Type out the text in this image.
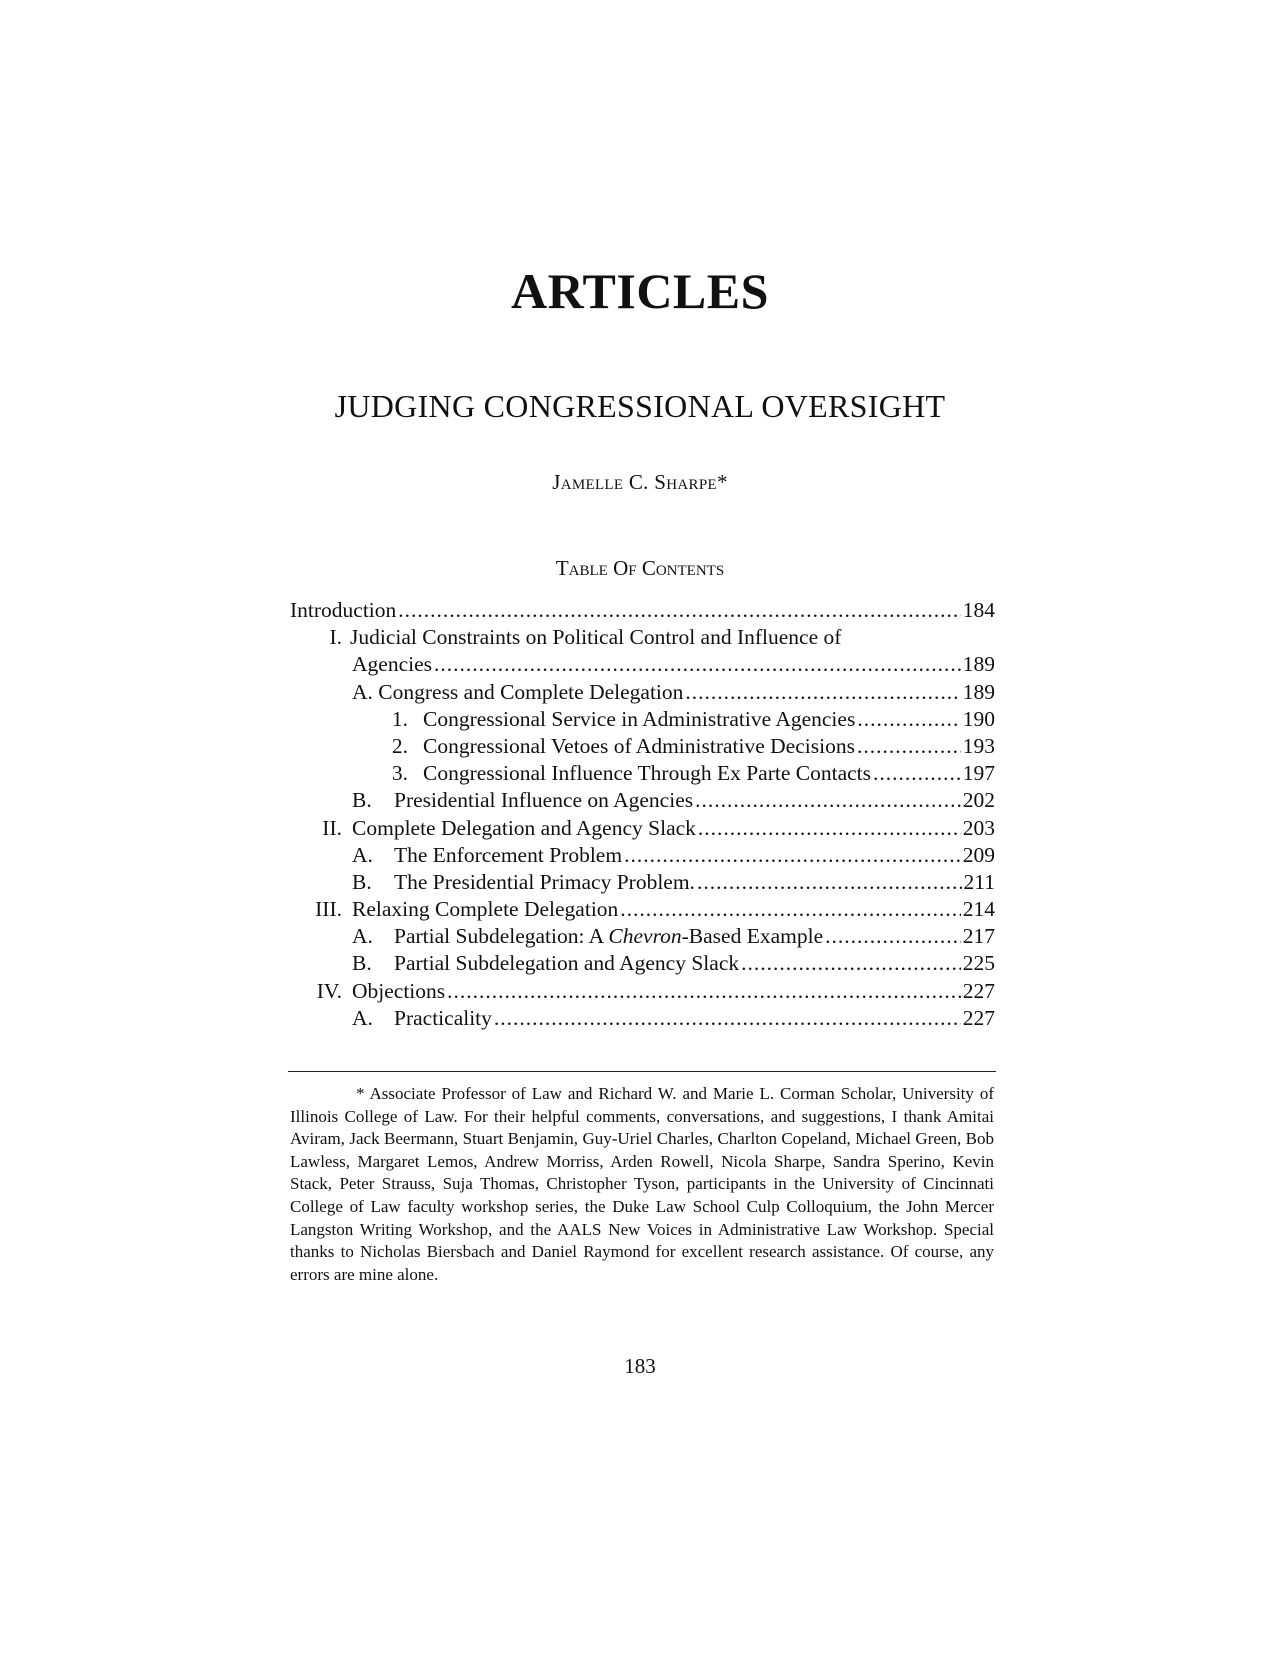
ARTICLES
JUDGING CONGRESSIONAL OVERSIGHT
Jamelle C. Sharpe*
Table Of Contents
Introduction .....	184
I. Judicial Constraints on Political Control and Influence of
Agencies .....	189
A. Congress and Complete Delegation .....	189
1. Congressional Service in Administrative Agencies .....	190
2. Congressional Vetoes of Administrative Decisions .....	193
3. Congressional Influence Through Ex Parte Contacts .....	197
B.	Presidential Influence on Agencies .....	202
II. Complete Delegation and Agency Slack .....	203
A. The Enforcement Problem .....	209
B.	The Presidential Primacy Problem. .....	211
III. Relaxing Complete Delegation .....	214
A. Partial Subdelegation: A Chevron-Based Example .....	217
B.	Partial Subdelegation and Agency Slack .....	225
IV. Objections .....	227
A. Practicality .....	227
* Associate Professor of Law and Richard W. and Marie L. Corman Scholar, University of Illinois College of Law. For their helpful comments, conversations, and suggestions, I thank Amitai Aviram, Jack Beermann, Stuart Benjamin, Guy-Uriel Charles, Charlton Copeland, Michael Green, Bob Lawless, Margaret Lemos, Andrew Morriss, Arden Rowell, Nicola Sharpe, Sandra Sperino, Kevin Stack, Peter Strauss, Suja Thomas, Christopher Tyson, participants in the University of Cincinnati College of Law faculty workshop series, the Duke Law School Culp Colloquium, the John Mercer Langston Writing Workshop, and the AALS New Voices in Administrative Law Workshop. Special thanks to Nicholas Biersbach and Daniel Raymond for excellent research assistance. Of course, any errors are mine alone.
183
